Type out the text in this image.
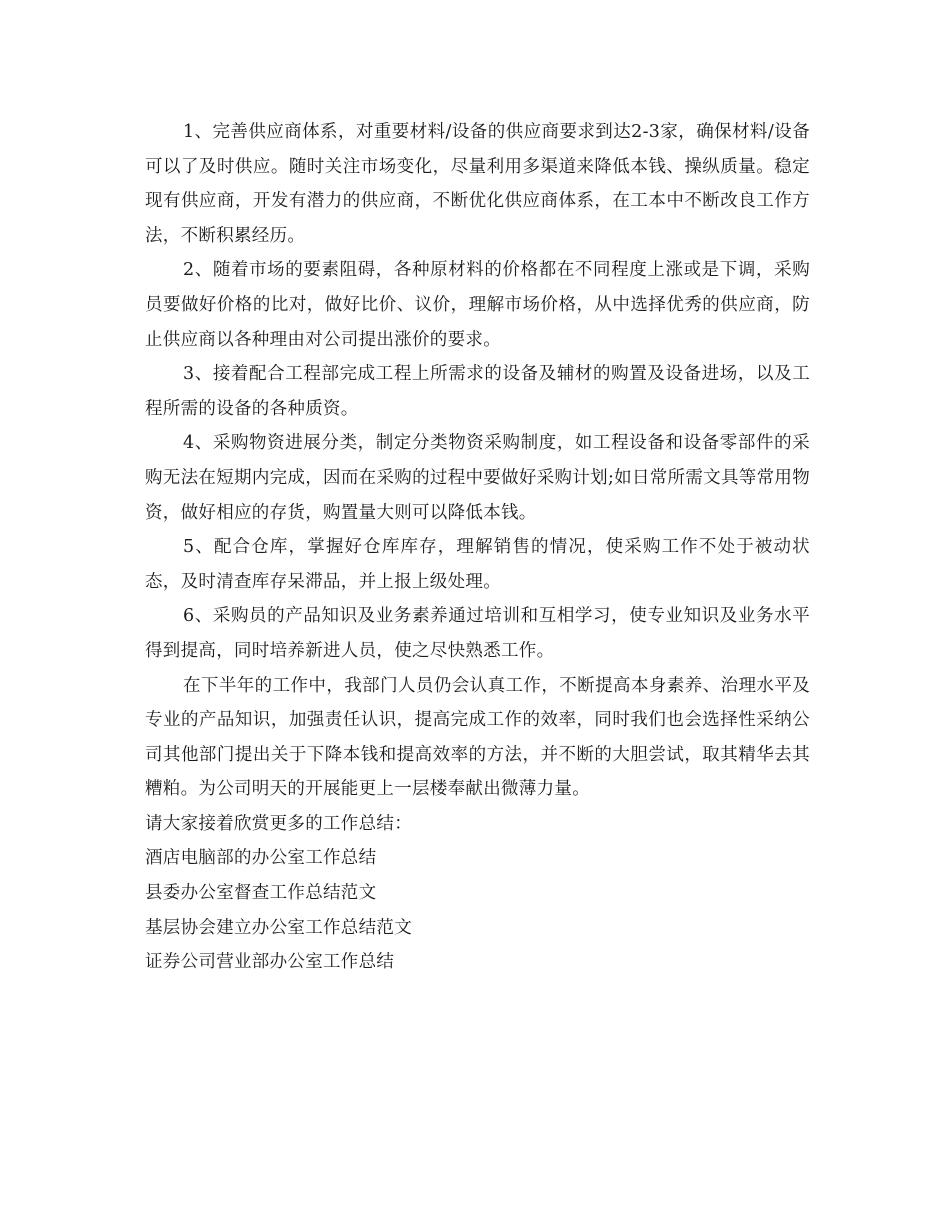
1、完善供应商体系，对重要材料/设备的供应商要求到达2-3家，确保材料/设备可以了及时供应。随时关注市场变化，尽量利用多渠道来降低本钱、操纵质量。稳定现有供应商，开发有潜力的供应商，不断优化供应商体系，在工本中不断改良工作方法，不断积累经历。

2、随着市场的要素阻碍，各种原材料的价格都在不同程度上涨或是下调，采购员要做好价格的比对，做好比价、议价，理解市场价格，从中选择优秀的供应商，防止供应商以各种理由对公司提出涨价的要求。

3、接着配合工程部完成工程上所需求的设备及辅材的购置及设备进场，以及工程所需的设备的各种质资。

4、采购物资进展分类，制定分类物资采购制度，如工程设备和设备零部件的采购无法在短期内完成，因而在采购的过程中要做好采购计划;如日常所需文具等常用物资，做好相应的存货，购置量大则可以降低本钱。

5、配合仓库，掌握好仓库库存，理解销售的情况，使采购工作不处于被动状态，及时清查库存呆滞品，并上报上级处理。

6、采购员的产品知识及业务素养通过培训和互相学习，使专业知识及业务水平得到提高，同时培养新进人员，使之尽快熟悉工作。

在下半年的工作中，我部门人员仍会认真工作，不断提高本身素养、治理水平及专业的产品知识，加强责任认识，提高完成工作的效率，同时我们也会选择性采纳公司其他部门提出关于下降本钱和提高效率的方法，并不断的大胆尝试，取其精华去其糟粕。为公司明天的开展能更上一层楼奉献出微薄力量。

请大家接着欣赏更多的工作总结：

酒店电脑部的办公室工作总结
县委办公室督查工作总结范文
基层协会建立办公室工作总结范文
证券公司营业部办公室工作总结
